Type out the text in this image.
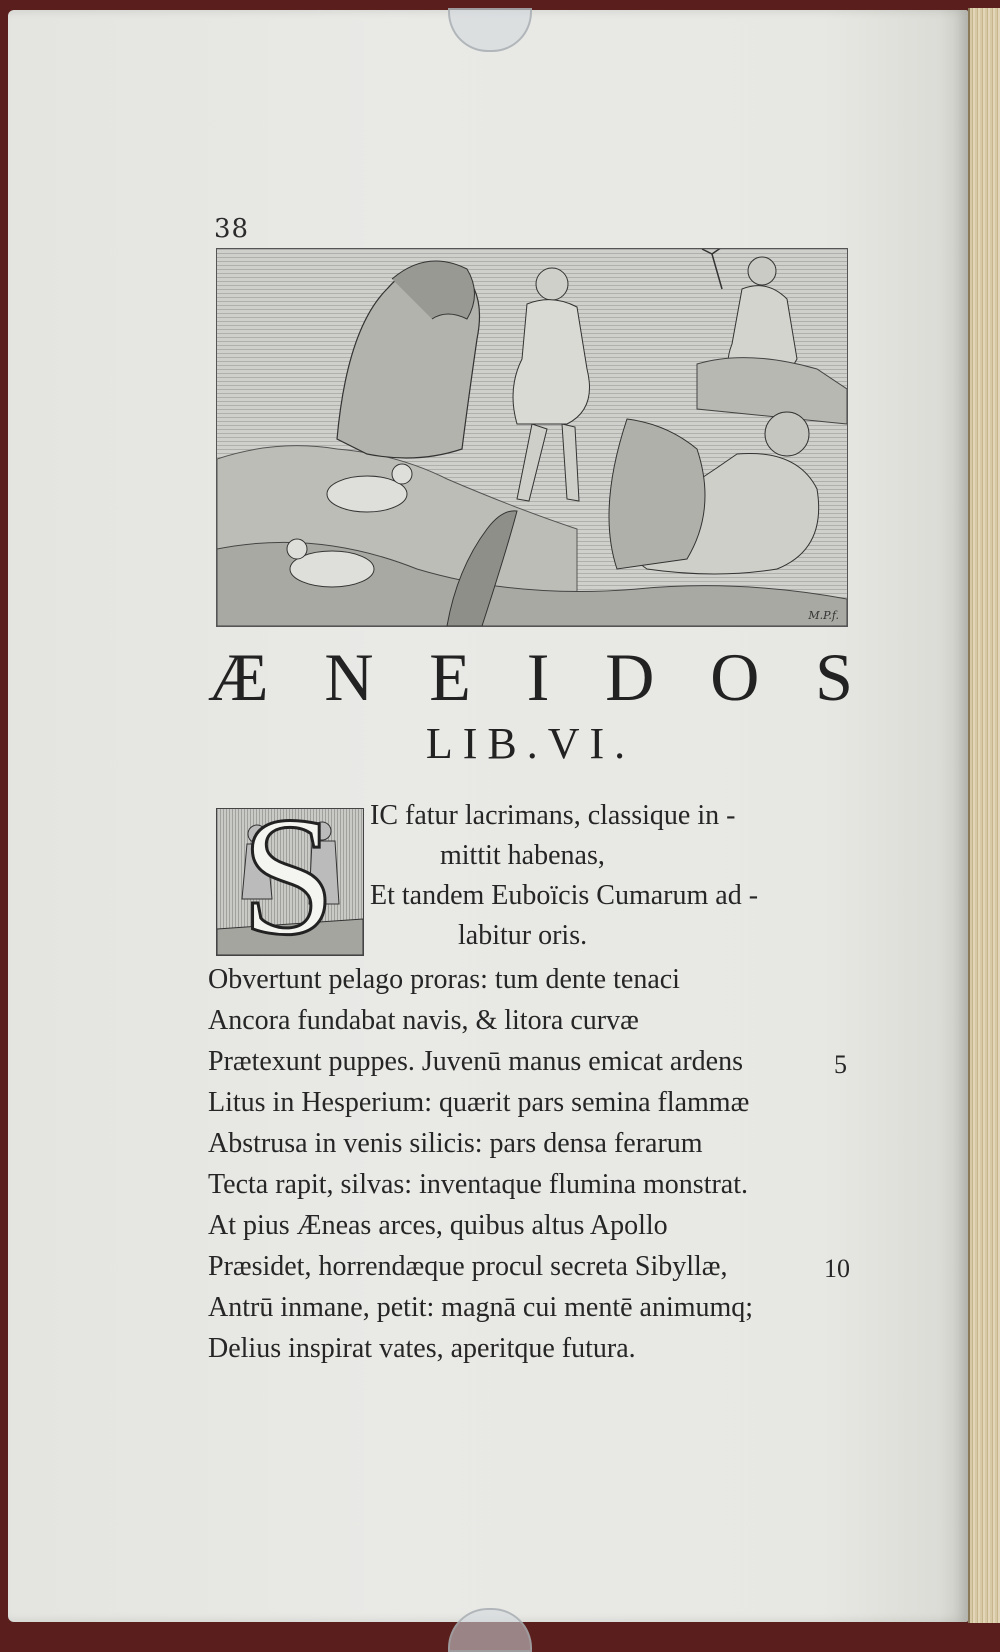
38
M.P.f.
Æ N E I D O S
LIB.VI.
S IC fatur lacrimans, classique in -
mittit habenas,
Et tandem Euboïcis Cumarum ad -
labitur oris.
Obvertunt pelago proras: tum dente tenaci
Ancora fundabat navis, & litora curvæ
Prætexunt puppes. Juvenū manus emicat ardens
Litus in Hesperium: quærit pars semina flammæ
Abstrusa in venis silicis: pars densa ferarum
Tecta rapit, silvas: inventaque flumina monstrat.
At pius Æneas arces, quibus altus Apollo
Præsidet, horrendæque procul secreta Sibyllæ,
Antrū inmane, petit: magnā cui mentē animumq;
Delius inspirat vates, aperitque futura.
5
10
